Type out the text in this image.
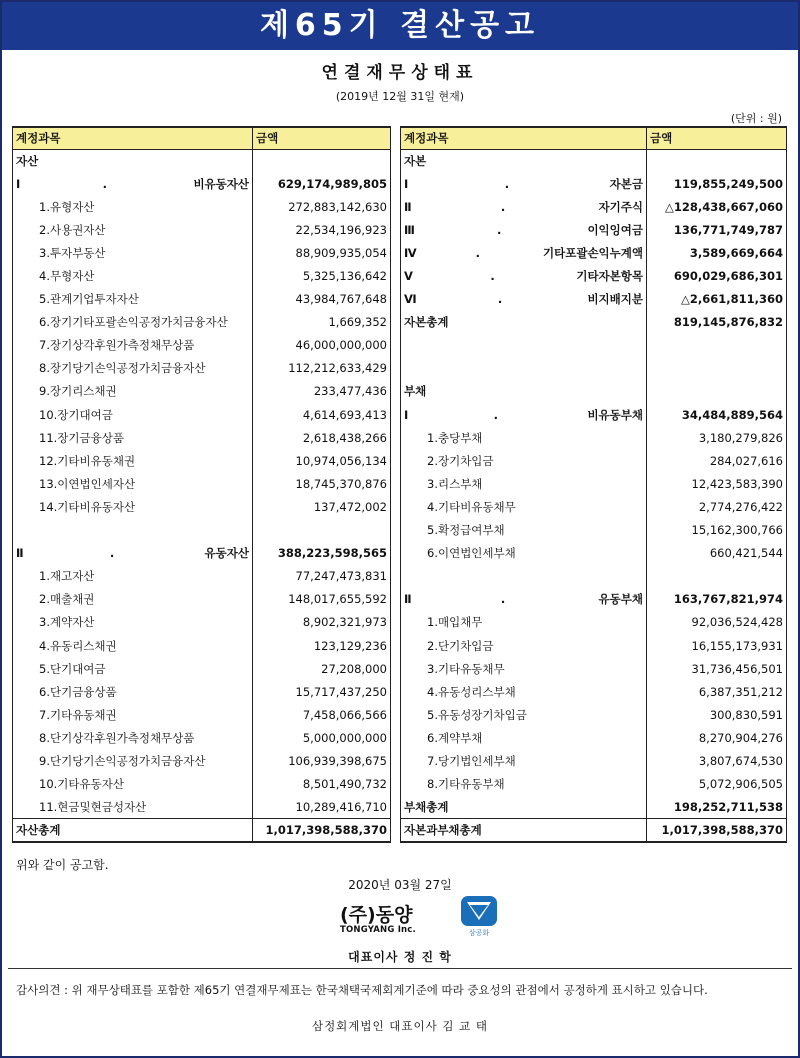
제65기 결산공고
연결재무상태표
(2019년 12월 31일 현재)
(단위 : 원)
계정과목	금액
자산	
Ⅰ. 비유동자산	629,174,989,805
1.유형자산	272,883,142,630
2.사용권자산	22,534,196,923
3.투자부동산	88,909,935,054
4.무형자산	5,325,136,642
5.관계기업투자자산	43,984,767,648
6.장기기타포괄손익공정가치금융자산	1,669,352
7.장기상각후원가측정채무상품	46,000,000,000
8.장기당기손익공정가치금융자산	112,212,633,429
9.장기리스채권	233,477,436
10.장기대여금	4,614,693,413
11.장기금융상품	2,618,438,266
12.기타비유동채권	10,974,056,134
13.이연법인세자산	18,745,370,876
14.기타비유동자산	137,472,002

Ⅱ. 유동자산	388,223,598,565
1.재고자산	77,247,473,831
2.매출채권	148,017,655,592
3.계약자산	8,902,321,973
4.유동리스채권	123,129,236
5.단기대여금	27,208,000
6.단기금융상품	15,717,437,250
7.기타유동채권	7,458,066,566
8.단기상각후원가측정채무상품	5,000,000,000
9.단기당기손익공정가치금융자산	106,939,398,675
10.기타유동자산	8,501,490,732
11.현금및현금성자산	10,289,416,710
자산총계	1,017,398,588,370
계정과목	금액
자본	
Ⅰ. 자본금	119,855,249,500
Ⅱ. 자기주식	△128,438,667,060
Ⅲ. 이익잉여금	136,771,749,787
Ⅳ. 기타포괄손익누계액	3,589,669,664
Ⅴ. 기타자본항목	690,029,686,301
Ⅵ. 비지배지분	△2,661,811,360
자본총계	819,145,876,832

부채	
Ⅰ. 비유동부채	34,484,889,564
1.충당부채	3,180,279,826
2.장기차입금	284,027,616
3.리스부채	12,423,583,390
4.기타비유동채무	2,774,276,422
5.확정급여부채	15,162,300,766
6.이연법인세부채	660,421,544

Ⅱ. 유동부채	163,767,821,974
1.매입채무	92,036,524,428
2.단기차입금	16,155,173,931
3.기타유동채무	31,736,456,501
4.유동성리스부채	6,387,351,212
5.유동성장기차입금	300,830,591
6.계약부채	8,270,904,276
7.당기법인세부채	3,807,674,530
8.기타유동부채	5,072,906,505
부채총계	198,252,711,538
자본과부채총계	1,017,398,588,370
위와 같이 공고함.
2020년 03월 27일
(주)동양
TONGYANG Inc.	삼공화
대표이사 정 진 학
감사의견 : 위 재무상태표를 포함한 제65기 연결재무제표는 한국채택국제회계기준에 따라 중요성의 관점에서 공정하게 표시하고 있습니다.
삼정회계법인 대표이사 김 교 태
